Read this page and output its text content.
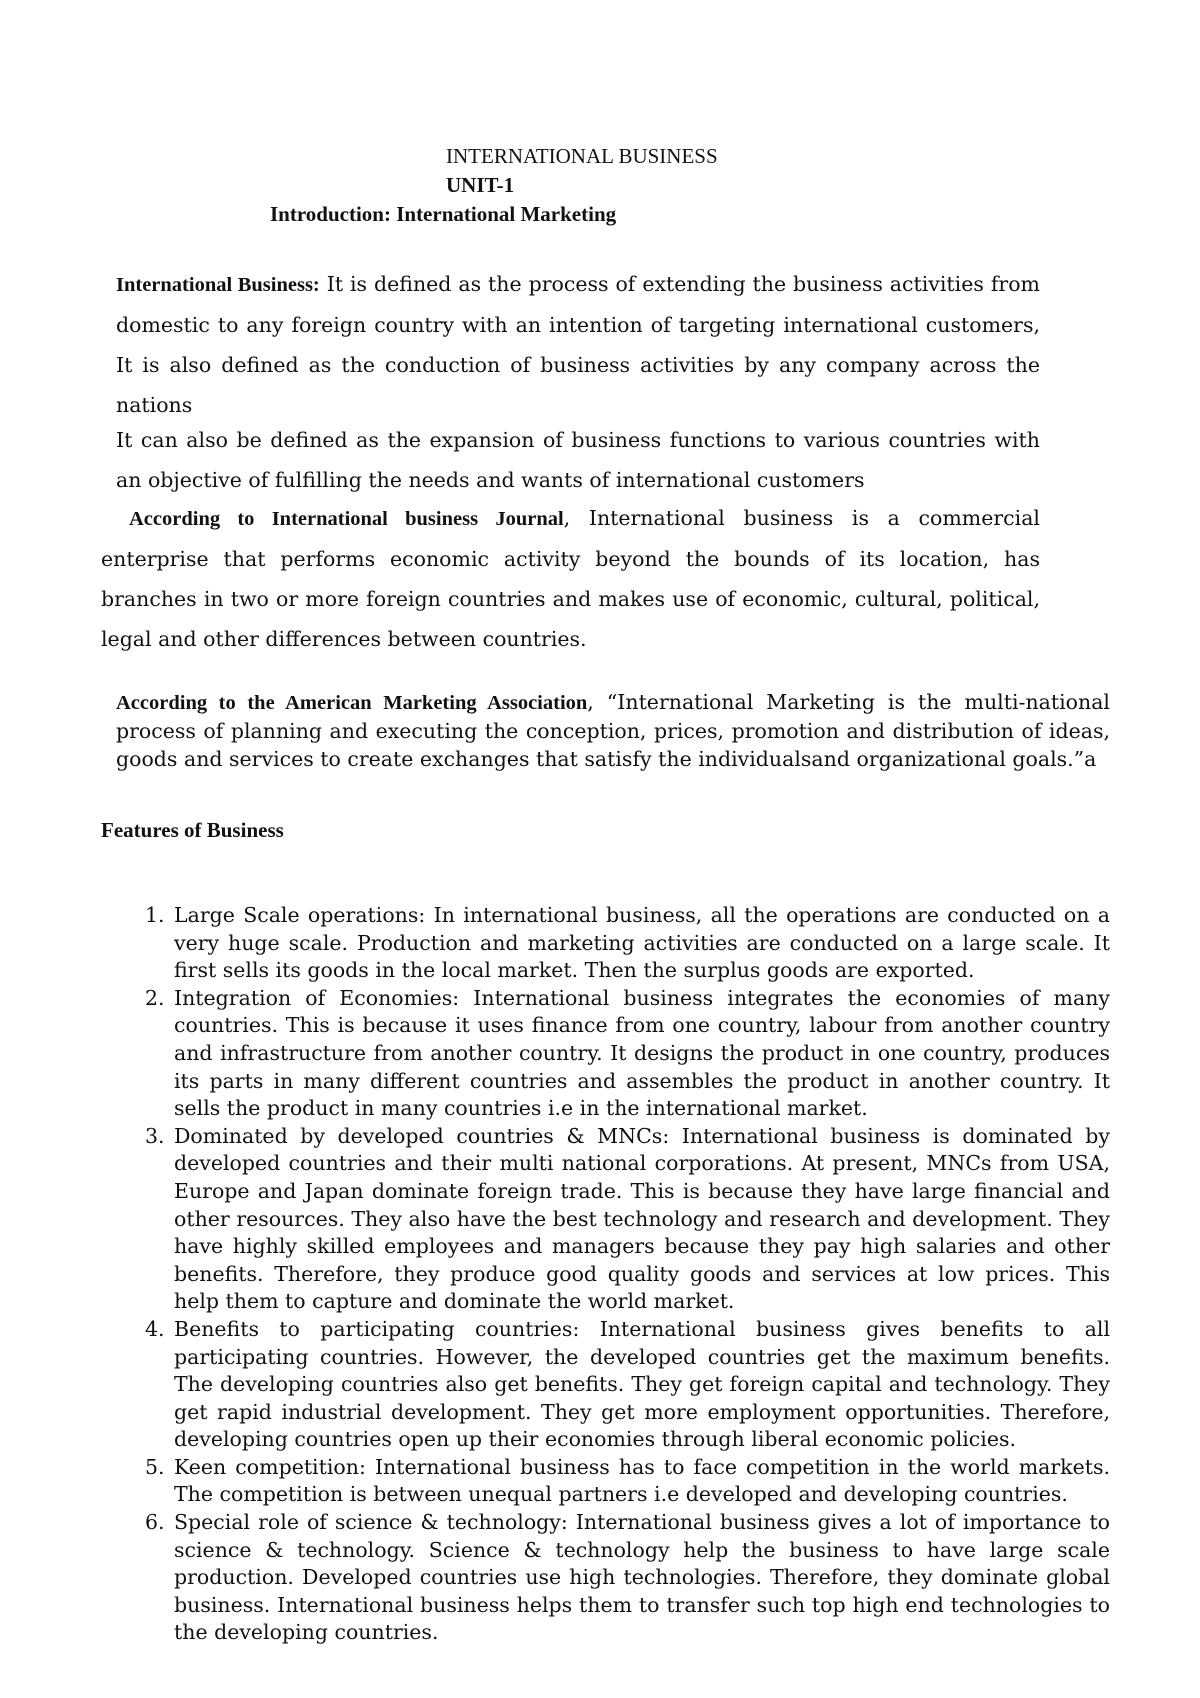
INTERNATIONAL BUSINESS
UNIT-1
Introduction: International Marketing

International Business: It is defined as the process of extending the business activities from domestic to any foreign country with an intention of targeting international customers, It is also defined as the conduction of business activities by any company across the nations

It can also be defined as the expansion of business functions to various countries with an objective of fulfilling the needs and wants of international customers

According to International business Journal, International business is a commercial enterprise that performs economic activity beyond the bounds of its location, has branches in two or more foreign countries and makes use of economic, cultural, political, legal and other differences between countries.

According to the American Marketing Association, “International Marketing is the multi-national process of planning and executing the conception, prices, promotion and distribution of ideas, goods and services to create exchanges that satisfy the individualsand organizational goals.”a

Features of Business
1. Large Scale operations: In international business, all the operations are conducted on a very huge scale. Production and marketing activities are conducted on a large scale. It first sells its goods in the local market. Then the surplus goods are exported.
2. Integration of Economies: International business integrates the economies of many countries. This is because it uses finance from one country, labour from another country and infrastructure from another country. It designs the product in one country, produces its parts in many different countries and assembles the product in another country. It sells the product in many countries i.e in the international market.
3. Dominated by developed countries & MNCs: International business is dominated by developed countries and their multi national corporations. At present, MNCs from USA, Europe and Japan dominate foreign trade. This is because they have large financial and other resources. They also have the best technology and research and development. They have highly skilled employees and managers because they pay high salaries and other benefits. Therefore, they produce good quality goods and services at low prices. This help them to capture and dominate the world market.
4. Benefits to participating countries: International business gives benefits to all participating countries. However, the developed countries get the maximum benefits. The developing countries also get benefits. They get foreign capital and technology. They get rapid industrial development. They get more employment opportunities. Therefore, developing countries open up their economies through liberal economic policies.
5. Keen competition: International business has to face competition in the world markets. The competition is between unequal partners i.e developed and developing countries.
6. Special role of science & technology: International business gives a lot of importance to science & technology. Science & technology help the business to have large scale production. Developed countries use high technologies. Therefore, they dominate global business. International business helps them to transfer such top high end technologies to the developing countries.
